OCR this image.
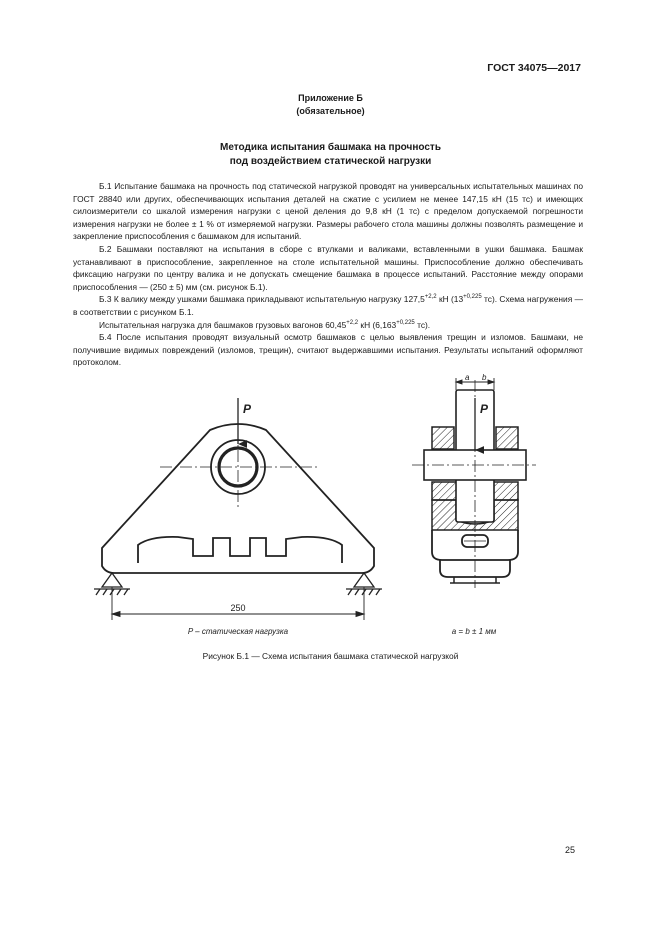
ГОСТ 34075—2017
Приложение Б
(обязательное)
Методика испытания башмака на прочность
под воздействием статической нагрузки

Б.1 Испытание башмака на прочность под статической нагрузкой проводят на универсальных испытательных машинах по ГОСТ 28840 или других, обеспечивающих испытания деталей на сжатие с усилием не менее 147,15 кН (15 тс) и имеющих силоизмерители со шкалой измерения нагрузки с ценой деления до 9,8 кН (1 тс) с пределом допускаемой погрешности измерения нагрузки не более ± 1 % от измеряемой нагрузки. Размеры рабочего стола машины должны позволять размещение и закрепление приспособления с башмаком для испытаний.

Б.2 Башмаки поставляют на испытания в сборе с втулками и валиками, вставленными в ушки башмака. Башмак устанавливают в приспособление, закрепленное на столе испытательной машины. Приспособление должно обеспечивать фиксацию нагрузки по центру валика и не допускать смещение башмака в процессе испытаний. Расстояние между опорами приспособления — (250 ± 5) мм (см. рисунок Б.1).

Б.3 К валику между ушками башмака прикладывают испытательную нагрузку $127,5^{+2,2}$ кН ($13^{+0,225}$ тс). Схема нагружения — в соответствии с рисунком Б.1.

Испытательная нагрузка для башмаков грузовых вагонов $60,45^{+2,2}$ кН ($6,163^{+0,225}$ тс).

Б.4 После испытания проводят визуальный осмотр башмаков с целью выявления трещин и изломов. Башмаки, не получившие видимых повреждений (изломов, трещин), считают выдержавшими испытания. Результаты испытаний оформляют протоколом.

P
250
P – статическая нагрузка
a b
P
a = b ± 1 мм
Рисунок Б.1 — Схема испытания башмака статической нагрузкой
25
